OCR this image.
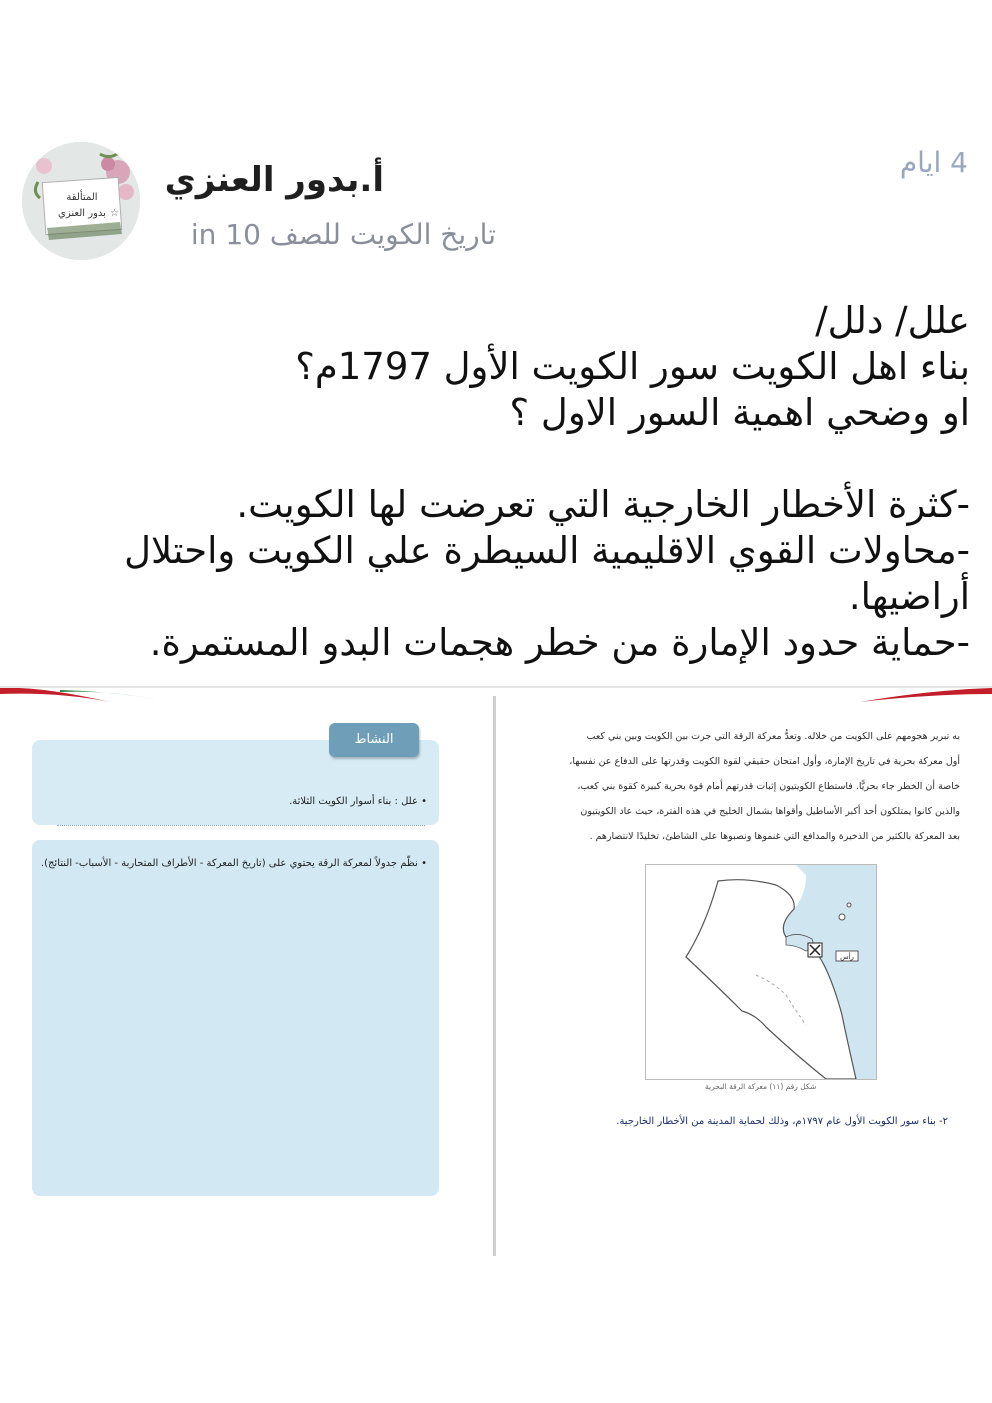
المتألقة
بدور العنزي ☆
أ.بدور العنزي
تاريخ الكويت للصف 10 in
4 ايام
علل/ دلل/
بناء اهل الكويت سور الكويت الأول 1797م؟
او وضحي اهمية السور الاول ؟
-كثرة الأخطار الخارجية التي تعرضت لها الكويت.
-محاولات القوي الاقليمية السيطرة علي الكويت واحتلال أراضيها.
-حماية حدود الإمارة من خطر هجمات البدو المستمرة.
• علل : بناء أسوار الكويت الثلاثة.
النشاط
• نظّم جدولاً لمعركة الرقة يحتوي على (تاريخ المعركة - الأطراف المتحاربة - الأسباب- النتائج).
به تبرير هجومهم على الكويت من خلاله. وتعدُّ معركة الرقة التي جرت بين الكويت وبين بني كعب
أول معركة بحرية في تاريخ الإمارة، وأول امتحان حقيقي لقوة الكويت وقدرتها على الدفاع عن نفسها،
خاصة أن الخطر جاء بحريًّا. فاستطاع الكويتيون إثبات قدرتهم أمام قوة بحرية كبيرة كقوة بني كعب،
والذين كانوا يمتلكون أحد أكبر الأساطيل وأقواها بشمال الخليج في هذه الفترة، حيث عاد الكويتيون
بعد المعركة بالكثير من الذخيرة والمدافع التي غنموها ونصبوها على الشاطئ، تخليدًا لانتصارهم .
رأس
شكل رقم (١١) معركة الرقة البحرية
٢- بناء سور الكويت الأول عام ١٧٩٧م، وذلك لحماية المدينة من الأخطار الخارجية.
